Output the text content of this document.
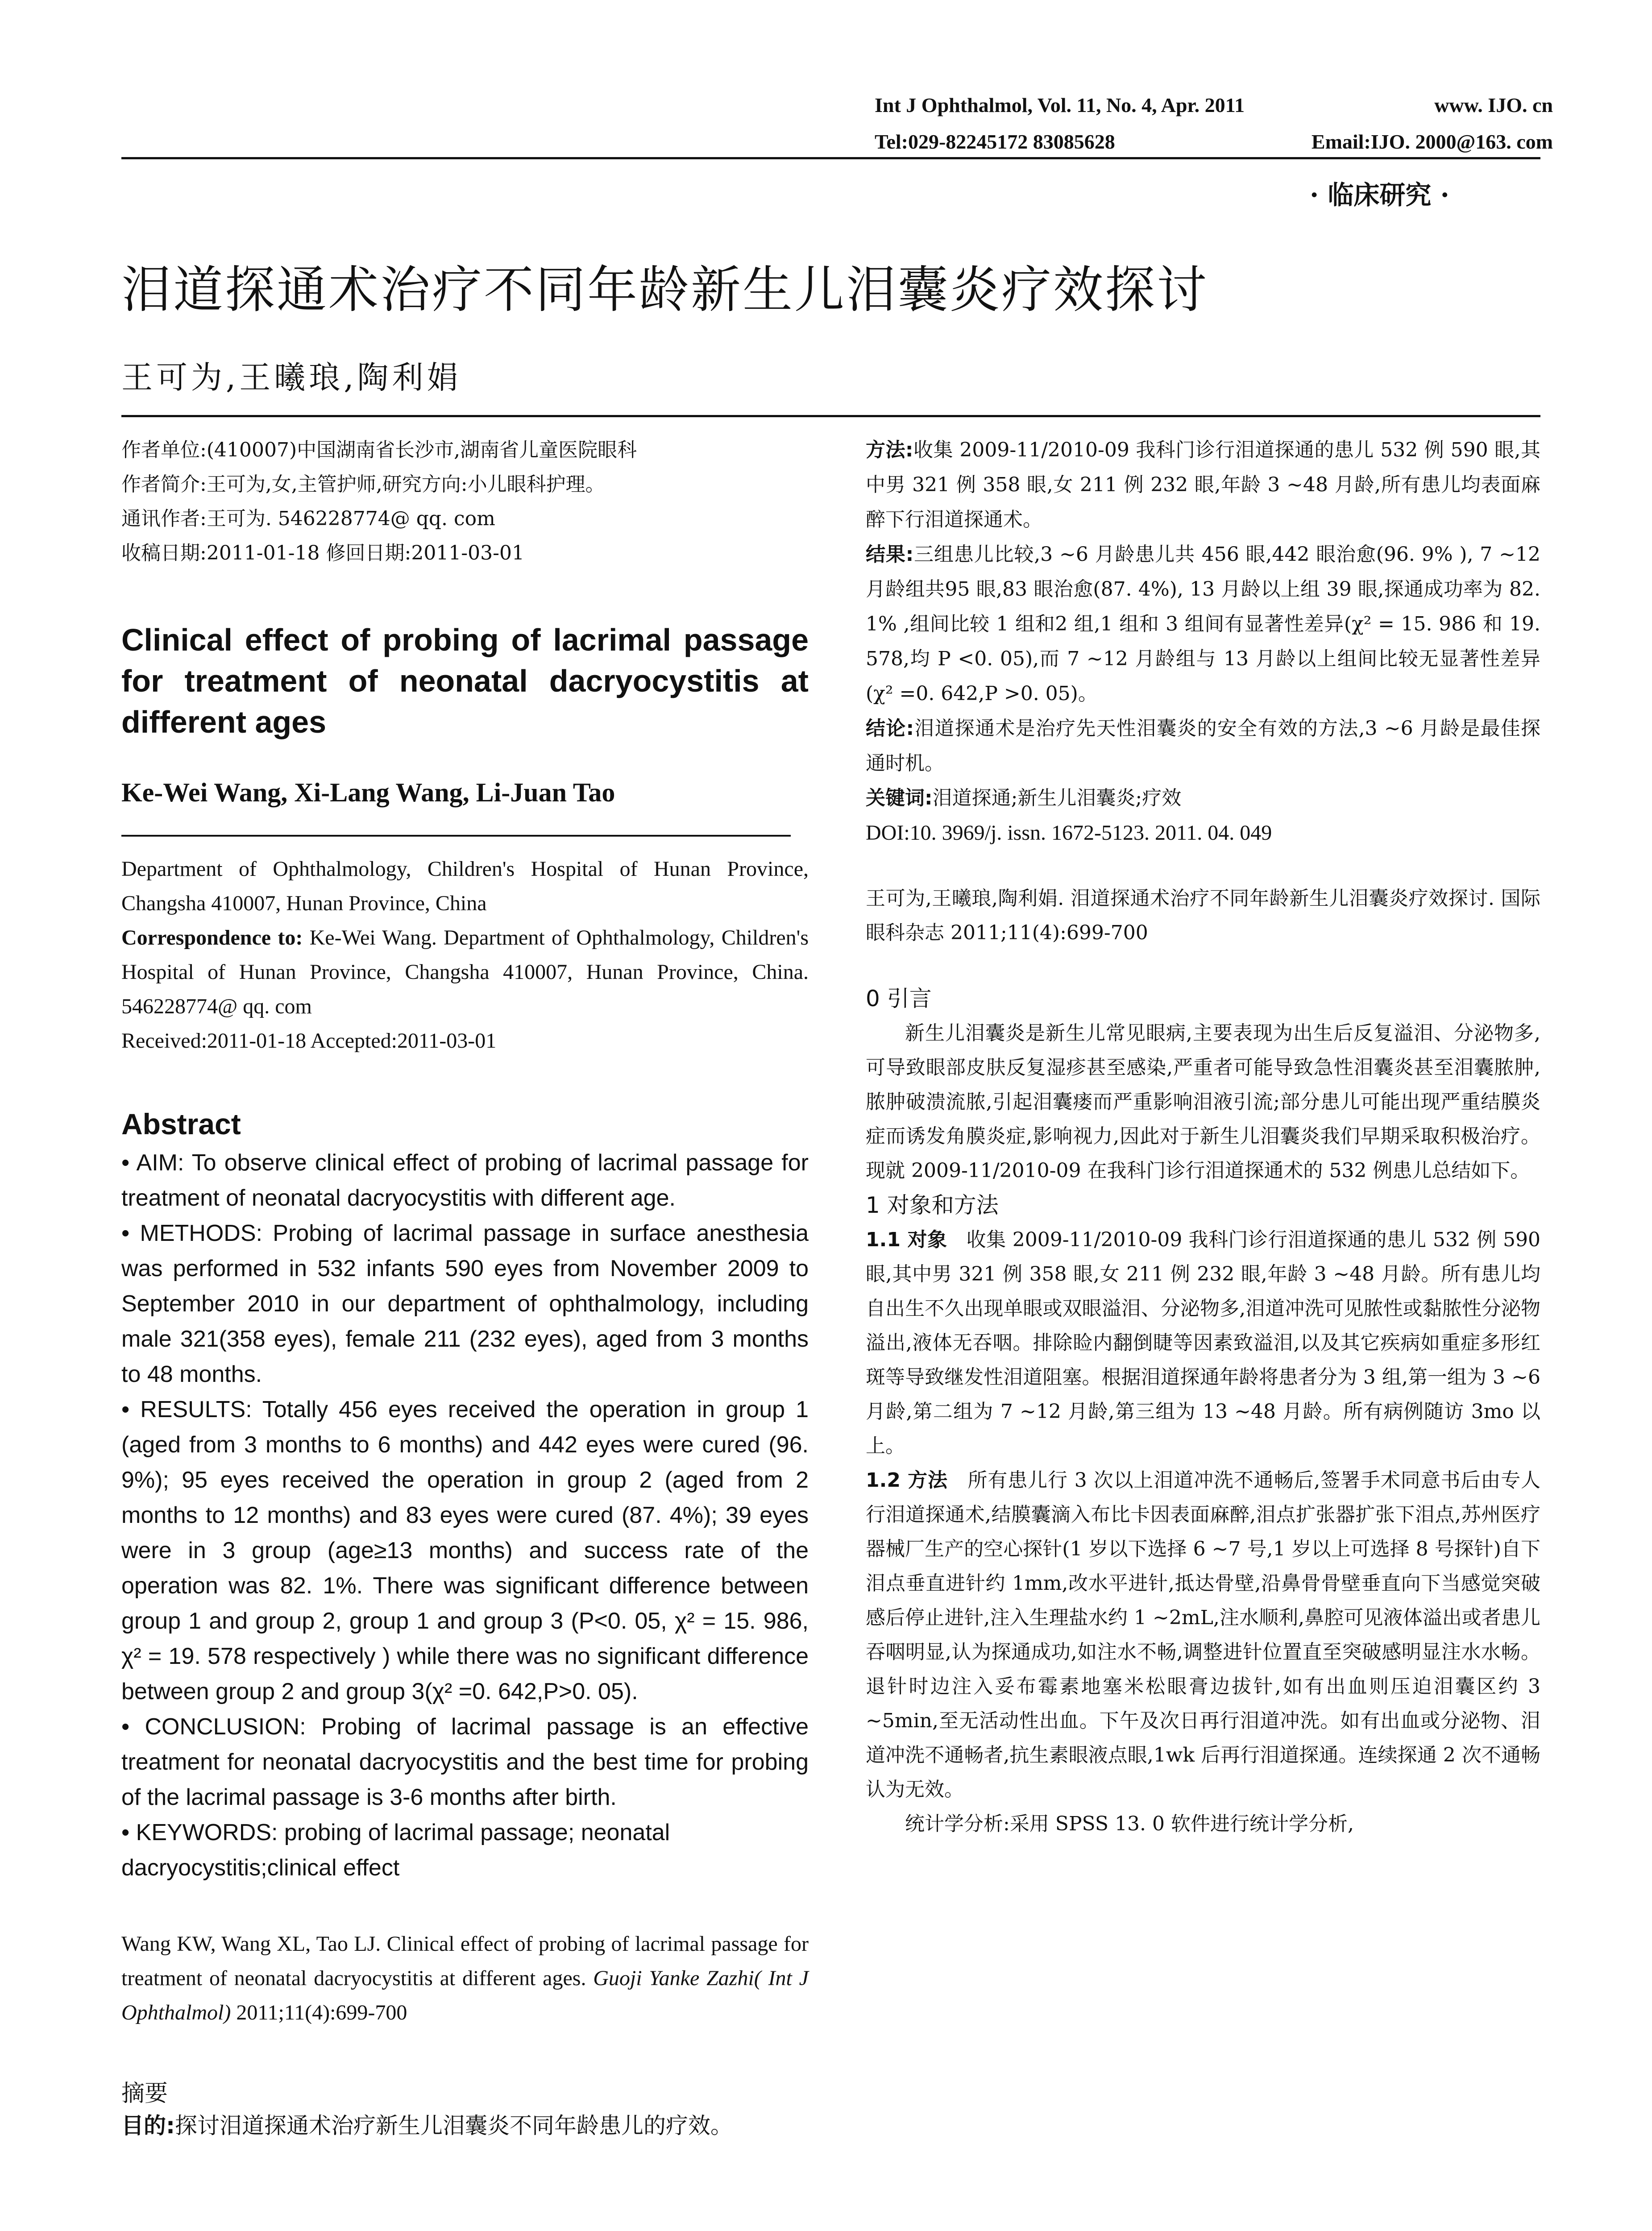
Int J Ophthalmol, Vol. 11, No. 4, Apr. 2011	www. IJO. cn
Tel:029-82245172 83085628	Email:IJO. 2000@163. com
· 临床研究 ·
泪道探通术治疗不同年龄新生儿泪囊炎疗效探讨
王可为,王曦琅,陶利娟

作者单位:(410007)中国湖南省长沙市,湖南省儿童医院眼科

作者简介:王可为,女,主管护师,研究方向:小儿眼科护理。

通讯作者:王可为. 546228774@ qq. com

收稿日期:2011-01-18 修回日期:2011-03-01

Clinical effect of probing of lacrimal passage for treatment of neonatal dacryocystitis at different ages
Ke-Wei Wang, Xi-Lang Wang, Li-Juan Tao

Department of Ophthalmology, Children's Hospital of Hunan Province, Changsha 410007, Hunan Province, China

Correspondence to: Ke-Wei Wang. Department of Ophthalmology, Children's Hospital of Hunan Province, Changsha 410007, Hunan Province, China. 546228774@ qq. com

Received:2011-01-18 Accepted:2011-03-01

Abstract

• AIM: To observe clinical effect of probing of lacrimal passage for treatment of neonatal dacryocystitis with different age.

• METHODS: Probing of lacrimal passage in surface anesthesia was performed in 532 infants 590 eyes from November 2009 to September 2010 in our department of ophthalmology, including male 321(358 eyes), female 211 (232 eyes), aged from 3 months to 48 months.

• RESULTS: Totally 456 eyes received the operation in group 1 (aged from 3 months to 6 months) and 442 eyes were cured (96. 9%); 95 eyes received the operation in group 2 (aged from 2 months to 12 months) and 83 eyes were cured (87. 4%); 39 eyes were in 3 group (age≥13 months) and success rate of the operation was 82. 1%. There was significant difference between group 1 and group 2, group 1 and group 3 (P<0. 05, χ² = 15. 986, χ² = 19. 578 respectively ) while there was no significant difference between group 2 and group 3(χ² =0. 642,P>0. 05).

• CONCLUSION: Probing of lacrimal passage is an effective treatment for neonatal dacryocystitis and the best time for probing of the lacrimal passage is 3-6 months after birth.

• KEYWORDS: probing of lacrimal passage; neonatal dacryocystitis;clinical effect

Wang KW, Wang XL, Tao LJ. Clinical effect of probing of lacrimal passage for treatment of neonatal dacryocystitis at different ages. Guoji Yanke Zazhi( Int J Ophthalmol) 2011;11(4):699-700

摘要

目的:探讨泪道探通术治疗新生儿泪囊炎不同年龄患儿的疗效。

方法:收集 2009-11/2010-09 我科门诊行泪道探通的患儿 532 例 590 眼,其中男 321 例 358 眼,女 211 例 232 眼,年龄 3 ~48 月龄,所有患儿均表面麻醉下行泪道探通术。

结果:三组患儿比较,3 ~6 月龄患儿共 456 眼,442 眼治愈(96. 9% ), 7 ~12 月龄组共95 眼,83 眼治愈(87. 4%), 13 月龄以上组 39 眼,探通成功率为 82. 1% ,组间比较 1 组和2 组,1 组和 3 组间有显著性差异(χ² = 15. 986 和 19. 578,均 P <0. 05),而 7 ~12 月龄组与 13 月龄以上组间比较无显著性差异(χ² =0. 642,P >0. 05)。

结论:泪道探通术是治疗先天性泪囊炎的安全有效的方法,3 ~6 月龄是最佳探通时机。

关键词:泪道探通;新生儿泪囊炎;疗效

DOI:10. 3969/j. issn. 1672-5123. 2011. 04. 049

王可为,王曦琅,陶利娟. 泪道探通术治疗不同年龄新生儿泪囊炎疗效探讨. 国际眼科杂志 2011;11(4):699-700

0 引言

新生儿泪囊炎是新生儿常见眼病,主要表现为出生后反复溢泪、分泌物多,可导致眼部皮肤反复湿疹甚至感染,严重者可能导致急性泪囊炎甚至泪囊脓肿,脓肿破溃流脓,引起泪囊瘘而严重影响泪液引流;部分患儿可能出现严重结膜炎症而诱发角膜炎症,影响视力,因此对于新生儿泪囊炎我们早期采取积极治疗。现就 2009-11/2010-09 在我科门诊行泪道探通术的 532 例患儿总结如下。

1 对象和方法

1.1 对象 收集 2009-11/2010-09 我科门诊行泪道探通的患儿 532 例 590 眼,其中男 321 例 358 眼,女 211 例 232 眼,年龄 3 ~48 月龄。所有患儿均自出生不久出现单眼或双眼溢泪、分泌物多,泪道冲洗可见脓性或黏脓性分泌物溢出,液体无吞咽。排除睑内翻倒睫等因素致溢泪,以及其它疾病如重症多形红斑等导致继发性泪道阻塞。根据泪道探通年龄将患者分为 3 组,第一组为 3 ~6 月龄,第二组为 7 ~12 月龄,第三组为 13 ~48 月龄。所有病例随访 3mo 以上。

1.2 方法 所有患儿行 3 次以上泪道冲洗不通畅后,签署手术同意书后由专人行泪道探通术,结膜囊滴入布比卡因表面麻醉,泪点扩张器扩张下泪点,苏州医疗器械厂生产的空心探针(1 岁以下选择 6 ~7 号,1 岁以上可选择 8 号探针)自下泪点垂直进针约 1mm,改水平进针,抵达骨壁,沿鼻骨骨壁垂直向下当感觉突破感后停止进针,注入生理盐水约 1 ~2mL,注水顺利,鼻腔可见液体溢出或者患儿吞咽明显,认为探通成功,如注水不畅,调整进针位置直至突破感明显注水水畅。退针时边注入妥布霉素地塞米松眼膏边拔针,如有出血则压迫泪囊区约 3 ~5min,至无活动性出血。下午及次日再行泪道冲洗。如有出血或分泌物、泪道冲洗不通畅者,抗生素眼液点眼,1wk 后再行泪道探通。连续探通 2 次不通畅认为无效。

统计学分析:采用 SPSS 13. 0 软件进行统计学分析,
